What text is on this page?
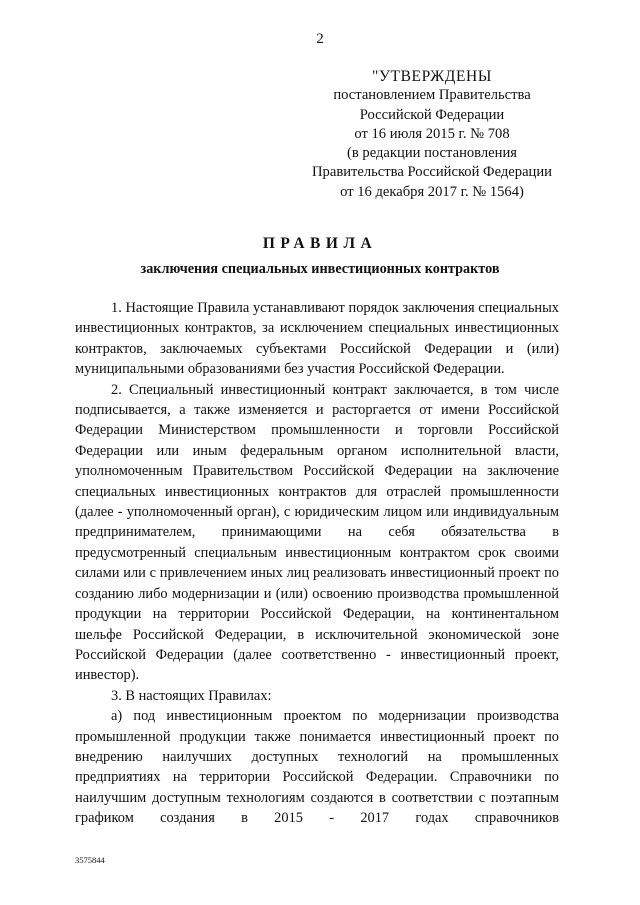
2
"УТВЕРЖДЕНЫ
постановлением Правительства
Российской Федерации
от 16 июля 2015 г. № 708
(в редакции постановления
Правительства Российской Федерации
от 16 декабря 2017 г. № 1564)
ПРАВИЛА
заключения специальных инвестиционных контрактов

1. Настоящие Правила устанавливают порядок заключения специальных инвестиционных контрактов, за исключением специальных инвестиционных контрактов, заключаемых субъектами Российской Федерации и (или) муниципальными образованиями без участия Российской Федерации.

2. Специальный инвестиционный контракт заключается, в том числе подписывается, а также изменяется и расторгается от имени Российской Федерации Министерством промышленности и торговли Российской Федерации или иным федеральным органом исполнительной власти, уполномоченным Правительством Российской Федерации на заключение специальных инвестиционных контрактов для отраслей промышленности (далее - уполномоченный орган), с юридическим лицом или индивидуальным предпринимателем, принимающими на себя обязательства в предусмотренный специальным инвестиционным контрактом срок своими силами или с привлечением иных лиц реализовать инвестиционный проект по созданию либо модернизации и (или) освоению производства промышленной продукции на территории Российской Федерации, на континентальном шельфе Российской Федерации, в исключительной экономической зоне Российской Федерации (далее соответственно - инвестиционный проект, инвестор).

3. В настоящих Правилах:

а) под инвестиционным проектом по модернизации производства промышленной продукции также понимается инвестиционный проект по внедрению наилучших доступных технологий на промышленных предприятиях на территории Российской Федерации. Справочники по наилучшим доступным технологиям создаются в соответствии с поэтапным графиком создания в 2015 - 2017 годах справочников

3575844
